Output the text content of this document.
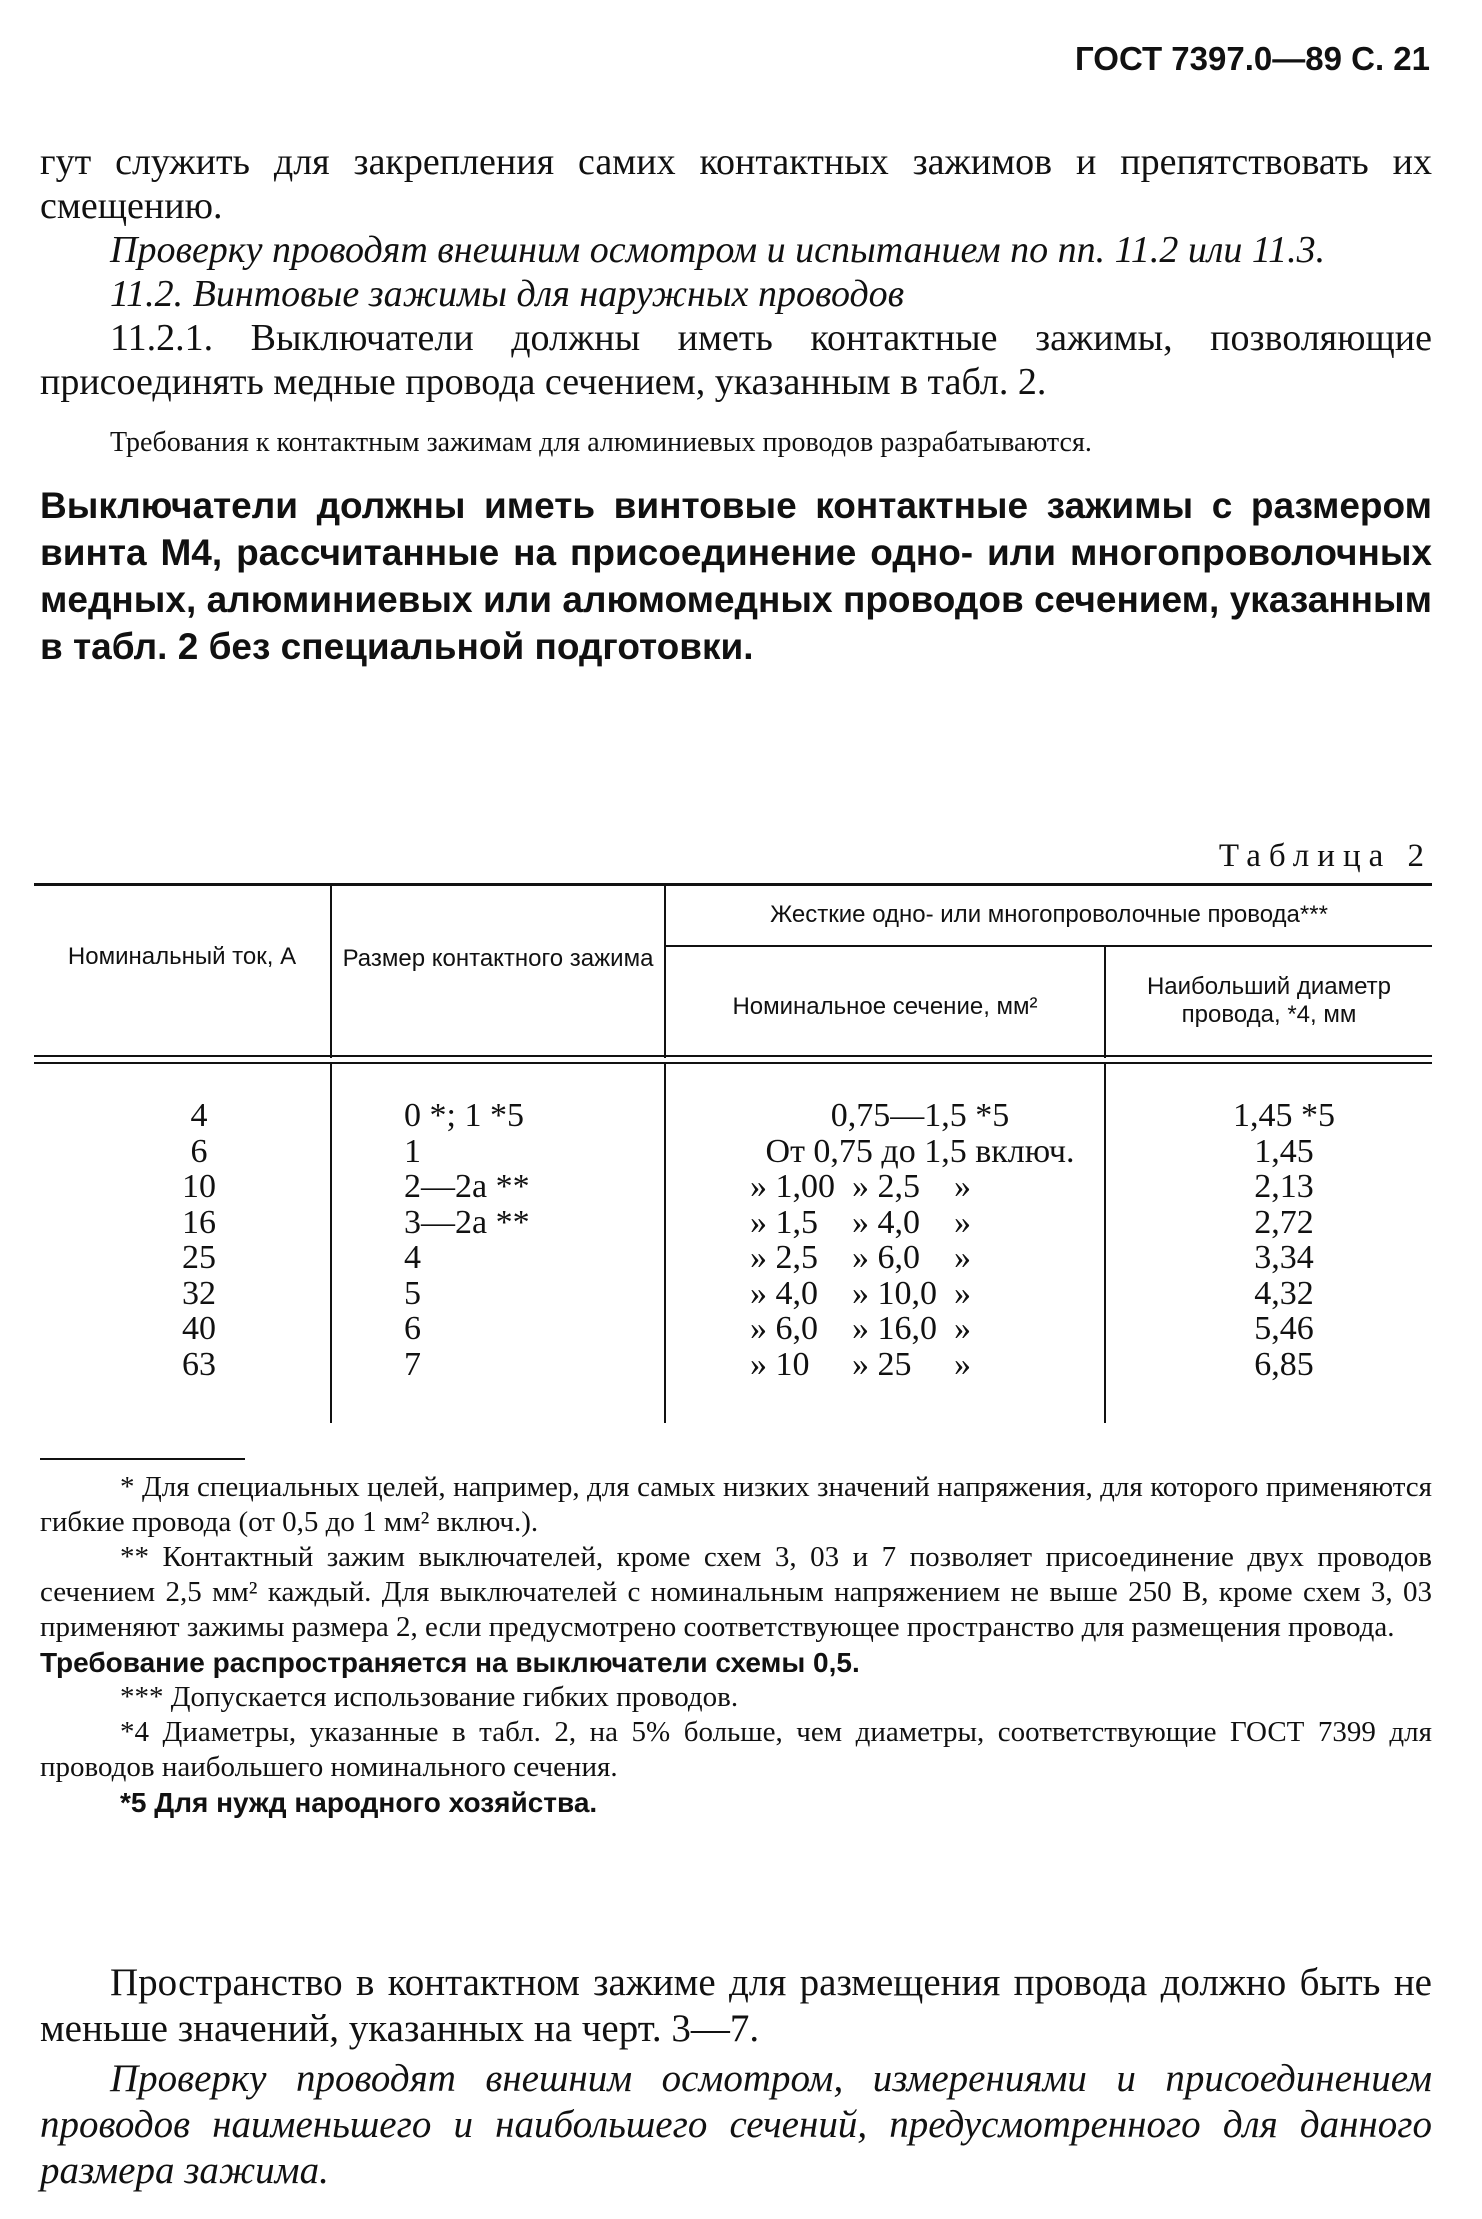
ГОСТ 7397.0—89 С. 21

гут служить для закрепления самих контактных зажимов и препятствовать их смещению.

Проверку проводят внешним осмотром и испытанием по пп. 11.2 или 11.3.

11.2. Винтовые зажимы для наружных проводов

11.2.1. Выключатели должны иметь контактные зажимы, позволяющие присоединять медные провода сечением, указанным в табл. 2.

Требования к контактным зажимам для алюминиевых проводов разрабатываются.

Выключатели должны иметь винтовые контактные зажимы с размером винта М4, рассчитанные на присоединение одно- или многопроволочных медных, алюминиевых или алюмомедных проводов сечением, указанным в табл. 2 без специальной подготовки.

Таблица 2
Номинальный ток, А	Размер контактного зажима
Жесткие одно- или многопроволочные провода***
Номинальное сечение, мм²
Наибольший диаметр провода, *4, мм
4
6
10
16
25
32
40
63
0 *; 1 *5
1
2—2а **
3—2а **
4
5
6
7
0,75—1,5 *5
От 0,75 до 1,5 включ.
» 1,00  » 2,5    »
» 1,5    » 4,0    »
» 2,5    » 6,0    »
» 4,0    » 10,0  »
» 6,0    » 16,0  »
» 10     » 25     »
1,45 *5
1,45
2,13
2,72
3,34
4,32
5,46
6,85

* Для специальных целей, например, для самых низких значений напряжения, для которого применяются гибкие провода (от 0,5 до 1 мм² включ.).

** Контактный зажим выключателей, кроме схем 3, 03 и 7 позволяет присоединение двух проводов сечением 2,5 мм² каждый. Для выключателей с номинальным напряжением не выше 250 В, кроме схем 3, 03 применяют зажимы размера 2, если предусмотрено соответствующее пространство для размещения провода.

Требование распространяется на выключатели схемы 0,5.

*** Допускается использование гибких проводов.

*4 Диаметры, указанные в табл. 2, на 5% больше, чем диаметры, соответствующие ГОСТ 7399 для проводов наибольшего номинального сечения.

*5 Для нужд народного хозяйства.

Пространство в контактном зажиме для размещения провода должно быть не меньше значений, указанных на черт. 3—7.

Проверку проводят внешним осмотром, измерениями и присоединением проводов наименьшего и наибольшего сечений, предусмотренного для данного размера зажима.
